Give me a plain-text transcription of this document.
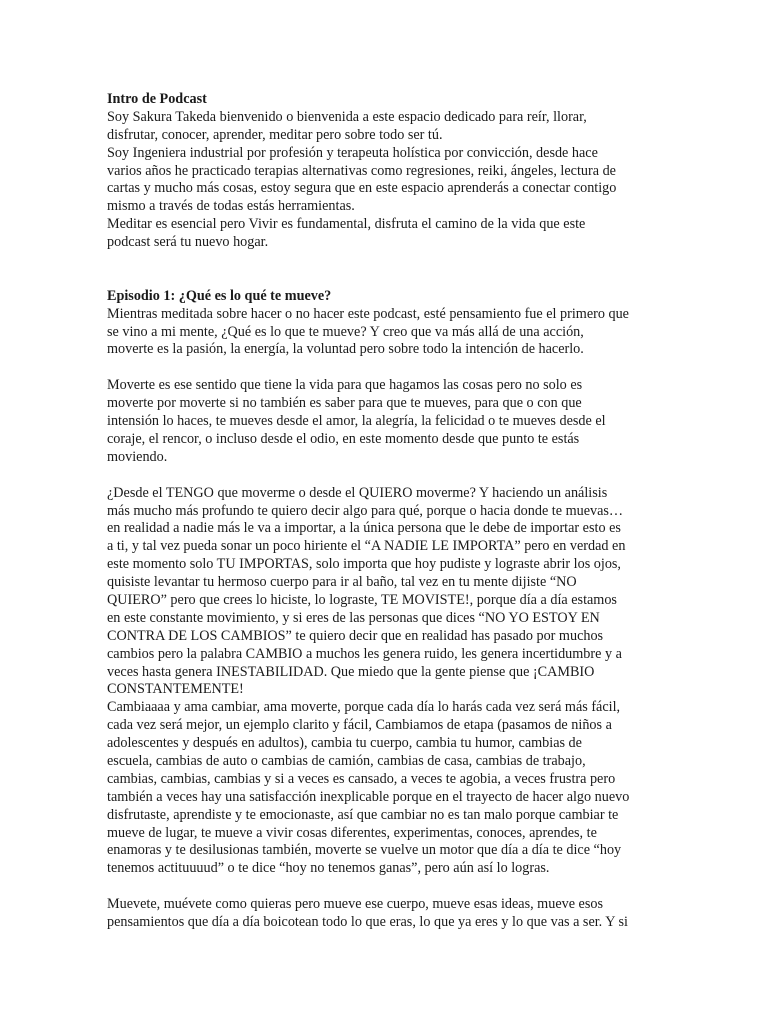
Intro de Podcast
Soy Sakura Takeda bienvenido o bienvenida a este espacio dedicado para reír, llorar,
disfrutar, conocer, aprender, meditar pero sobre todo ser tú.
Soy Ingeniera industrial por profesión y terapeuta holística por convicción, desde hace
varios años he practicado terapias alternativas como regresiones, reiki, ángeles, lectura de
cartas y mucho más cosas, estoy segura que en este espacio aprenderás a conectar contigo
mismo a través de todas estás herramientas.
Meditar es esencial pero Vivir es fundamental, disfruta el camino de la vida que este
podcast será tu nuevo hogar.
Episodio 1: ¿Qué es lo qué te mueve?
Mientras meditada sobre hacer o no hacer este podcast, esté pensamiento fue el primero que
se vino a mi mente, ¿Qué es lo que te mueve? Y creo que va más allá de una acción,
moverte es la pasión, la energía, la voluntad pero sobre todo la intención de hacerlo.
Moverte es ese sentido que tiene la vida para que hagamos las cosas pero no solo es
moverte por moverte si no también es saber para que te mueves, para que o con que
intensión lo haces, te mueves desde el amor, la alegría, la felicidad o te mueves desde el
coraje, el rencor, o incluso desde el odio, en este momento desde que punto te estás
moviendo.
¿Desde el TENGO que moverme o desde el QUIERO moverme? Y haciendo un análisis
más mucho más profundo te quiero decir algo para qué, porque o hacia donde te muevas…
en realidad a nadie más le va a importar, a la única persona que le debe de importar esto es
a ti, y tal vez pueda sonar un poco hiriente el “A NADIE LE IMPORTA” pero en verdad en
este momento solo TU IMPORTAS, solo importa que hoy pudiste y lograste abrir los ojos,
quisiste levantar tu hermoso cuerpo para ir al baño, tal vez en tu mente dijiste “NO
QUIERO” pero que crees lo hiciste, lo lograste, TE MOVISTE!, porque día a día estamos
en este constante movimiento, y si eres de las personas que dices “NO YO ESTOY EN
CONTRA DE LOS CAMBIOS” te quiero decir que en realidad has pasado por muchos
cambios pero la palabra CAMBIO a muchos les genera ruido, les genera incertidumbre y a
veces hasta genera INESTABILIDAD. Que miedo que la gente piense que ¡CAMBIO
CONSTANTEMENTE!
Cambiaaaa y ama cambiar, ama moverte, porque cada día lo harás cada vez será más fácil,
cada vez será mejor, un ejemplo clarito y fácil, Cambiamos de etapa (pasamos de niños a
adolescentes y después en adultos), cambia tu cuerpo, cambia tu humor, cambias de
escuela, cambias de auto o cambias de camión, cambias de casa, cambias de trabajo,
cambias, cambias, cambias y si a veces es cansado, a veces te agobia, a veces frustra pero
también a veces hay una satisfacción inexplicable porque en el trayecto de hacer algo nuevo
disfrutaste, aprendiste y te emocionaste, así que cambiar no es tan malo porque cambiar te
mueve de lugar, te mueve a vivir cosas diferentes, experimentas, conoces, aprendes, te
enamoras y te desilusionas también, moverte se vuelve un motor que día a día te dice “hoy
tenemos actituuuud” o te dice “hoy no tenemos ganas”, pero aún así lo logras.
Muevete, muévete como quieras pero mueve ese cuerpo, mueve esas ideas, mueve esos
pensamientos que día a día boicotean todo lo que eras, lo que ya eres y lo que vas a ser. Y si
